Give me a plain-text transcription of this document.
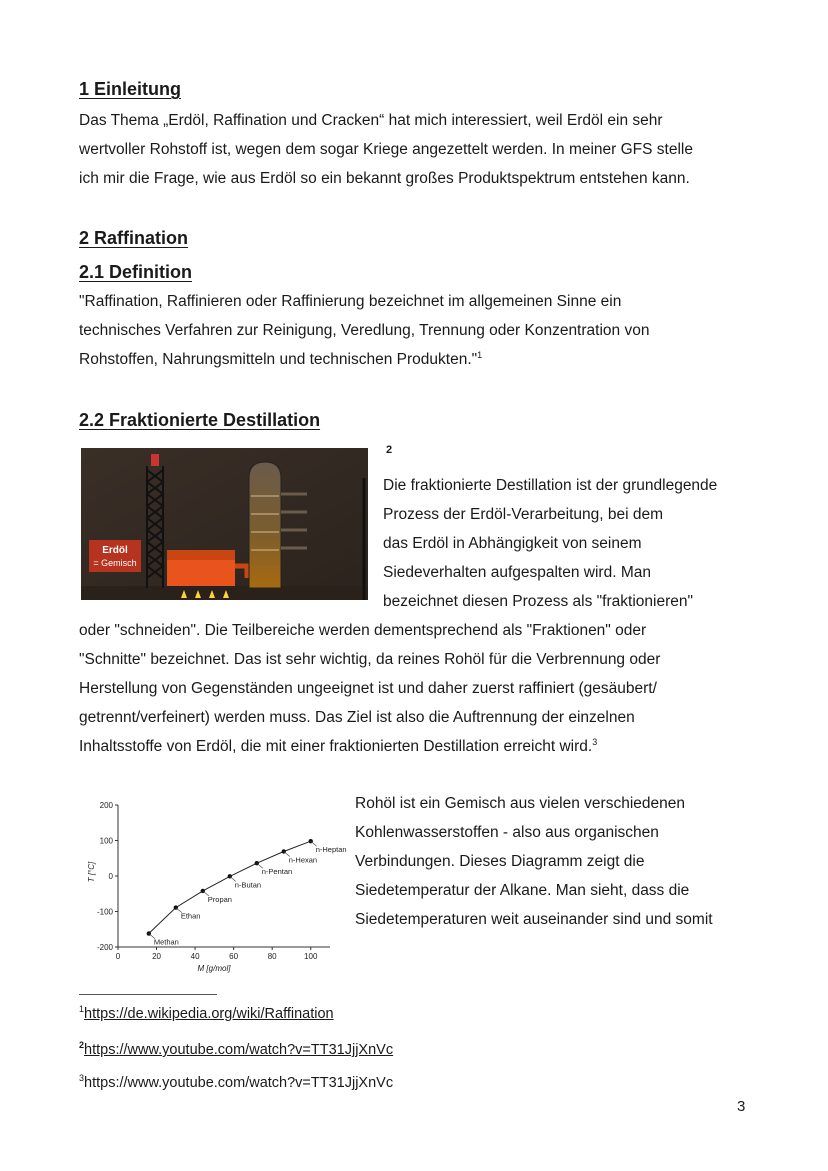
1 Einleitung
Das Thema „Erdöl, Raffination und Cracken“ hat mich interessiert, weil Erdöl ein sehr
wertvoller Rohstoff ist, wegen dem sogar Kriege angezettelt werden. In meiner GFS stelle
ich mir die Frage, wie aus Erdöl so ein bekannt großes Produktspektrum entstehen kann.
2 Raffination
2.1 Definition
"Raffination, Raffinieren oder Raffinierung bezeichnet im allgemeinen Sinne ein
technisches Verfahren zur Reinigung, Veredlung, Trennung oder Konzentration von
Rohstoffen, Nahrungsmitteln und technischen Produkten."$^1$
2.2 Fraktionierte Destillation
2
Erdöl
= Gemisch
Die fraktionierte Destillation ist der grundlegende
Prozess der Erdöl-Verarbeitung, bei dem
das Erdöl in Abhängigkeit von seinem
Siedeverhalten aufgespalten wird. Man
bezeichnet diesen Prozess als "fraktionieren"
oder "schneiden". Die Teilbereiche werden dementsprechend als "Fraktionen" oder
"Schnitte" bezeichnet. Das ist sehr wichtig, da reines Rohöl für die Verbrennung oder
Herstellung von Gegenständen ungeeignet ist und daher zuerst raffiniert (gesäubert/
getrennt/verfeinert) werden muss. Das Ziel ist also die Auftrennung der einzelnen
Inhaltsstoffe von Erdöl, die mit einer fraktionierten Destillation erreicht wird.$^3$
200
100
0
-100
-200
0	20	40	60	80	100
M [g/mol]
T [°C]
Methan
Ethan
Propan
n-Butan
n-Pentan
n-Hexan
n-Heptan
Rohöl ist ein Gemisch aus vielen verschiedenen
Kohlenwasserstoffen - also aus organischen
Verbindungen. Dieses Diagramm zeigt die
Siedetemperatur der Alkane. Man sieht, dass die
Siedetemperaturen weit auseinander sind und somit
$^1$https://de.wikipedia.org/wiki/Raffination
$^2$https://www.youtube.com/watch?v=TT31JjjXnVc
$^3$https://www.youtube.com/watch?v=TT31JjjXnVc
3
